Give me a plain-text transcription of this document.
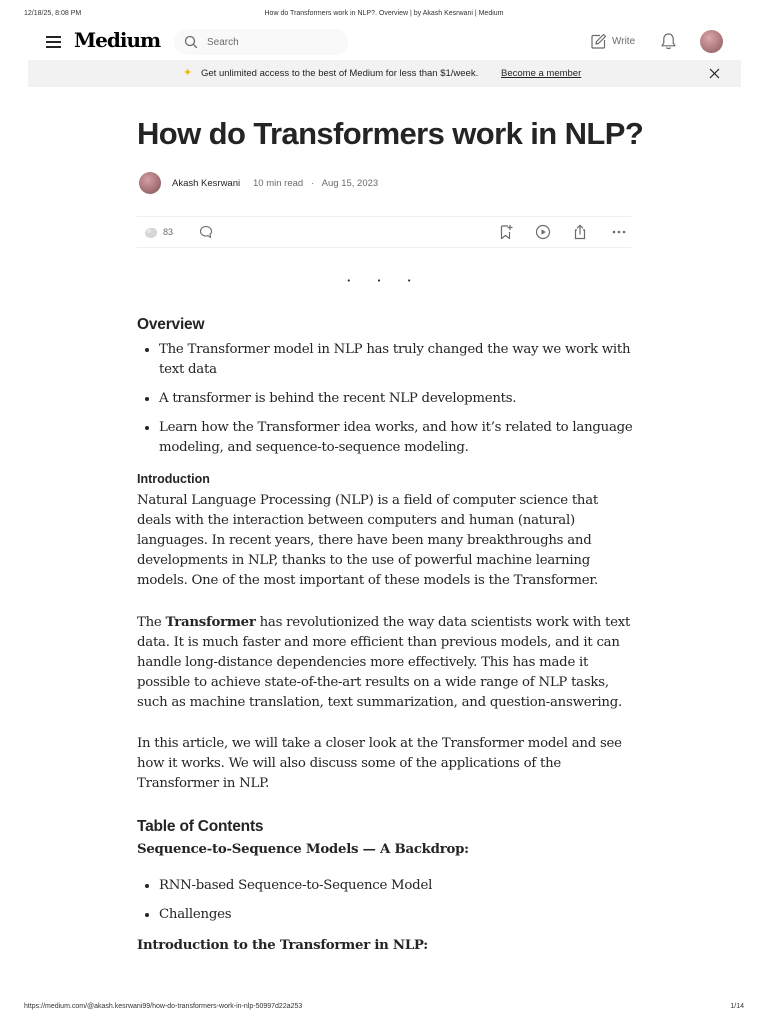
12/18/25, 8:08 PM	How do Transformers work in NLP?. Overview | by Akash Kesrwani | Medium
Medium
Search	Write
✦ Get unlimited access to the best of Medium for less than $1/week. Become a member
How do Transformers work in NLP?
Akash Kesrwani 10 min read · Aug 15, 2023
83
· · ·
Overview
• The Transformer model in NLP has truly changed the way we work with text data
• A transformer is behind the recent NLP developments.
• Learn how the Transformer idea works, and how it’s related to language modeling, and sequence-to-sequence modeling.
Introduction

Natural Language Processing (NLP) is a field of computer science that deals with the interaction between computers and human (natural) languages. In recent years, there have been many breakthroughs and developments in NLP, thanks to the use of powerful machine learning models. One of the most important of these models is the Transformer.

The Transformer has revolutionized the way data scientists work with text data. It is much faster and more efficient than previous models, and it can handle long-distance dependencies more effectively. This has made it possible to achieve state-of-the-art results on a wide range of NLP tasks, such as machine translation, text summarization, and question-answering.

In this article, we will take a closer look at the Transformer model and see how it works. We will also discuss some of the applications of the Transformer in NLP.

Table of Contents

Sequence-to-Sequence Models — A Backdrop:

• RNN-based Sequence-to-Sequence Model
• Challenges

Introduction to the Transformer in NLP:

https://medium.com/@akash.kesrwani99/how-do-transformers-work-in-nlp-50997d22a253	1/14
